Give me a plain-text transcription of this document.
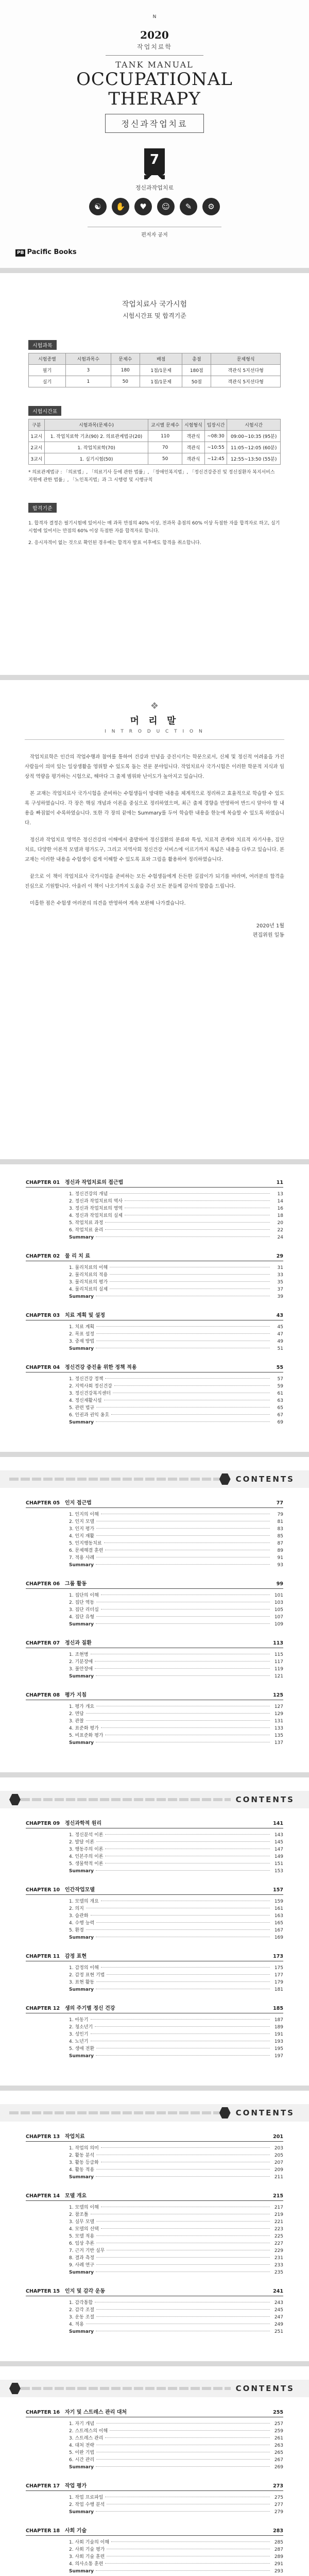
N
2020
작업치료학
TANK MANUAL
OCCUPATIONAL
THERAPY
정신과작업치료
7
정신과작업치료
☯	✋	♥	☺	✎	⚙
편저자 공저
PB Pacific Books
작업치료사 국가시험
시험시간표 및 합격기준
시험과목
시험종별	시험과목수	문제수	배점	총점	문제형식
필기	3	180	1점/1문제	180점	객관식 5지선다형
실기	1	50	1점/1문제	50점	객관식 5지선다형
시험시간표
구분	시험과목(문제수)	교시별 문제수	시험형식	입장시간	시험시간
1교시	1. 작업치료학 기초(90) 2. 의료관계법규(20)	110	객관식	~08:30	09:00~10:35 (95분)
2교시	1. 작업치료학(70)	70	객관식	~10:55	11:05~12:05 (60분)
3교시	1. 실기시험(50)	50	객관식	~12:45	12:55~13:50 (55분)
* 의료관계법규 : 「의료법」, 「의료기사 등에 관한 법률」, 「장애인복지법」, 「정신건강증진 및 정신질환자 복지서비스 지원에 관한 법률」, 「노인복지법」과 그 시행령 및 시행규칙
합격기준
1. 합격자 결정은 필기시험에 있어서는 매 과목 만점의 40% 이상, 전과목 총점의 60% 이상 득점한 자를 합격자로 하고, 실기시험에 있어서는 만점의 60% 이상 득점한 자를 합격자로 합니다.
2. 응시자격이 없는 것으로 확인된 경우에는 합격자 발표 이후에도 합격을 취소합니다.
❖
머 리 말
I N T R O D U C T I O N

작업치료학은 인간의 작업수행과 참여를 통하여 건강과 안녕을 증진시키는 학문으로서, 신체 및 정신적 어려움을 가진 사람들이 의미 있는 일상생활을 영위할 수 있도록 돕는 전문 분야입니다. 작업치료사 국가시험은 이러한 학문적 지식과 임상적 역량을 평가하는 시험으로, 해마다 그 출제 범위와 난이도가 높아지고 있습니다.

본 교재는 작업치료사 국가시험을 준비하는 수험생들이 방대한 내용을 체계적으로 정리하고 효율적으로 학습할 수 있도록 구성하였습니다. 각 장은 핵심 개념과 이론을 중심으로 정리하였으며, 최근 출제 경향을 반영하여 반드시 알아야 할 내용을 빠짐없이 수록하였습니다. 또한 각 장의 끝에는 Summary를 두어 학습한 내용을 한눈에 복습할 수 있도록 하였습니다.

정신과 작업치료 영역은 정신건강의 이해에서 출발하여 정신질환의 분류와 특성, 치료적 관계와 치료적 자기사용, 집단치료, 다양한 이론적 모델과 평가도구, 그리고 지역사회 정신건강 서비스에 이르기까지 폭넓은 내용을 다루고 있습니다. 본 교재는 이러한 내용을 수험생이 쉽게 이해할 수 있도록 표와 그림을 활용하여 정리하였습니다.

끝으로 이 책이 작업치료사 국가시험을 준비하는 모든 수험생들에게 든든한 길잡이가 되기를 바라며, 여러분의 합격을 진심으로 기원합니다. 아울러 이 책이 나오기까지 도움을 주신 모든 분들께 감사의 말씀을 드립니다.

미흡한 점은 수험생 여러분의 의견을 반영하여 계속 보완해 나가겠습니다.

2020년 1월
편집위원 일동
CHAPTER 01 정신과 작업치료의 접근법	11
1. 정신건강의 개념	13
2. 정신과 작업치료의 역사	14
3. 정신과 작업치료의 영역	16
4. 정신과 작업치료의 실제	18
5. 작업치료 과정	20
6. 작업치료 윤리	22
Summary	24
CHAPTER 02 물 리 치 료	29
1. 물리치료의 이해	31
2. 물리치료의 적용	33
3. 물리치료의 평가	35
4. 물리치료의 실제	37
Summary	39
CHAPTER 03 치료 계획 및 설정	43
1. 치료 계획	45
2. 목표 설정	47
3. 중재 방법	49
Summary	51
CHAPTER 04 정신건강 증진을 위한 정책 적용	55
1. 정신건강 정책	57
2. 지역사회 정신건강	59
3. 정신건강복지센터	61
4. 정신재활시설	63
5. 관련 법규	65
6. 인권과 권익 옹호	67
Summary	69
CONTENTS
CHAPTER 05 인지 접근법	77
1. 인지의 이해	79
2. 인지 모델	81
3. 인지 평가	83
4. 인지 재활	85
5. 인지행동치료	87
6. 문제해결 훈련	89
7. 적용 사례	91
Summary	93
CHAPTER 06 그룹 활동	99
1. 집단의 이해	101
2. 집단 역동	103
3. 집단 리더십	105
4. 집단 유형	107
Summary	109
CHAPTER 07 정신과 질환	113
1. 조현병	115
2. 기분장애	117
3. 불안장애	119
Summary	121
CHAPTER 08 평가 지침	125
1. 평가 개요	127
2. 면담	129
3. 관찰	131
4. 표준화 평가	133
5. 비표준화 평가	135
Summary	137
CONTENTS
CHAPTER 09 정신과학적 원리	141
1. 정신분석 이론	143
2. 발달 이론	145
3. 행동주의 이론	147
4. 인본주의 이론	149
5. 생물학적 이론	151
Summary	153
CHAPTER 10 인간작업모델	157
1. 모델의 개요	159
2. 의지	161
3. 습관화	163
4. 수행 능력	165
5. 환경	167
Summary	169
CHAPTER 11 감정 표현	173
1. 감정의 이해	175
2. 감정 표현 기법	177
3. 표현 활동	179
Summary	181
CHAPTER 12 생의 주기별 정신 건강	185
1. 아동기	187
2. 청소년기	189
3. 성인기	191
4. 노년기	193
5. 생애 전환	195
Summary	197
CONTENTS
CHAPTER 13 작업치료	201
1. 작업의 의미	203
2. 활동 분석	205
3. 활동 등급화	207
4. 활동 적용	209
Summary	211
CHAPTER 14 모델 개요	215
1. 모델의 이해	217
2. 참조틀	219
3. 실무 모델	221
4. 모델의 선택	223
5. 모델 적용	225
6. 임상 추론	227
7. 근거 기반 실무	229
8. 결과 측정	231
9. 사례 연구	233
Summary	235
CHAPTER 15 인지 및 감각 운동	241
1. 감각통합	243
2. 감각 조절	245
3. 운동 조절	247
4. 적용	249
Summary	251
CONTENTS
CHAPTER 16 자기 및 스트레스 관리 대처	255
1. 자기 개념	257
2. 스트레스의 이해	259
3. 스트레스 관리	261
4. 대처 전략	263
5. 이완 기법	265
6. 시간 관리	267
Summary	269
CHAPTER 17 작업 평가	273
1. 작업 프로파일	275
2. 작업 수행 분석	277
Summary	279
CHAPTER 18 사회 기술	283
1. 사회 기술의 이해	285
2. 사회 기술 평가	287
3. 사회 기술 훈련	289
4. 의사소통 훈련	291
Summary	293
